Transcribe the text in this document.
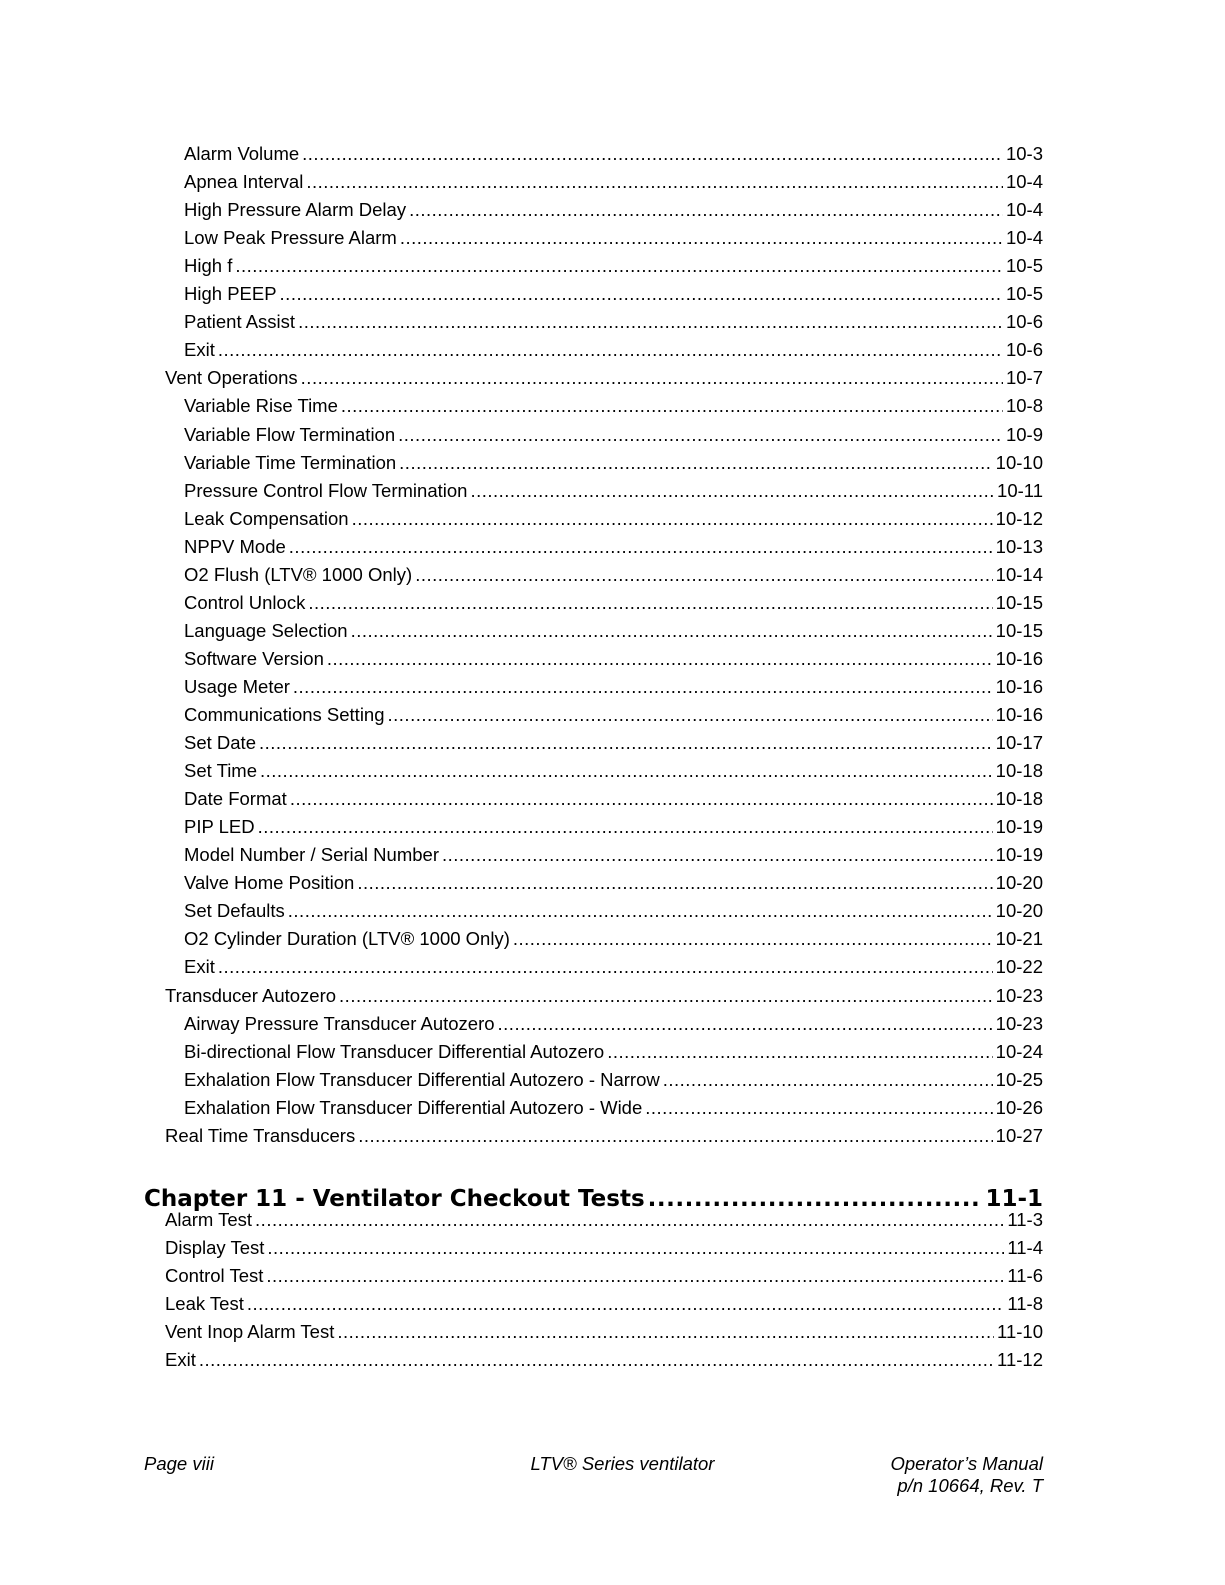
Alarm Volume .....	10-3
Apnea Interval .....	10-4
High Pressure Alarm Delay .....	10-4
Low Peak Pressure Alarm .....	10-4
High f .....	10-5
High PEEP .....	10-5
Patient Assist .....	10-6
Exit .....	10-6
Vent Operations .....	10-7
Variable Rise Time .....	10-8
Variable Flow Termination .....	10-9
Variable Time Termination .....	10-10
Pressure Control Flow Termination .....	10-11
Leak Compensation .....	10-12
NPPV Mode .....	10-13
O2 Flush (LTV® 1000 Only) .....	10-14
Control Unlock .....	10-15
Language Selection .....	10-15
Software Version .....	10-16
Usage Meter .....	10-16
Communications Setting .....	10-16
Set Date .....	10-17
Set Time .....	10-18
Date Format .....	10-18
PIP LED .....	10-19
Model Number / Serial Number .....	10-19
Valve Home Position .....	10-20
Set Defaults .....	10-20
O2 Cylinder Duration (LTV® 1000 Only) .....	10-21
Exit .....	10-22
Transducer Autozero .....	10-23
Airway Pressure Transducer Autozero .....	10-23
Bi-directional Flow Transducer Differential Autozero .....	10-24
Exhalation Flow Transducer Differential Autozero - Narrow .....	10-25
Exhalation Flow Transducer Differential Autozero - Wide .....	10-26
Real Time Transducers .....	10-27
Alarm Test .....	11-3
Display Test .....	11-4
Control Test .....	11-6
Leak Test .....	11-8
Vent Inop Alarm Test .....	11-10
Exit .....	11-12
Chapter 11 - Ventilator Checkout Tests .....	11-1
Page viii	LTV® Series ventilator	Operator’s Manual
p/n 10664, Rev. T
